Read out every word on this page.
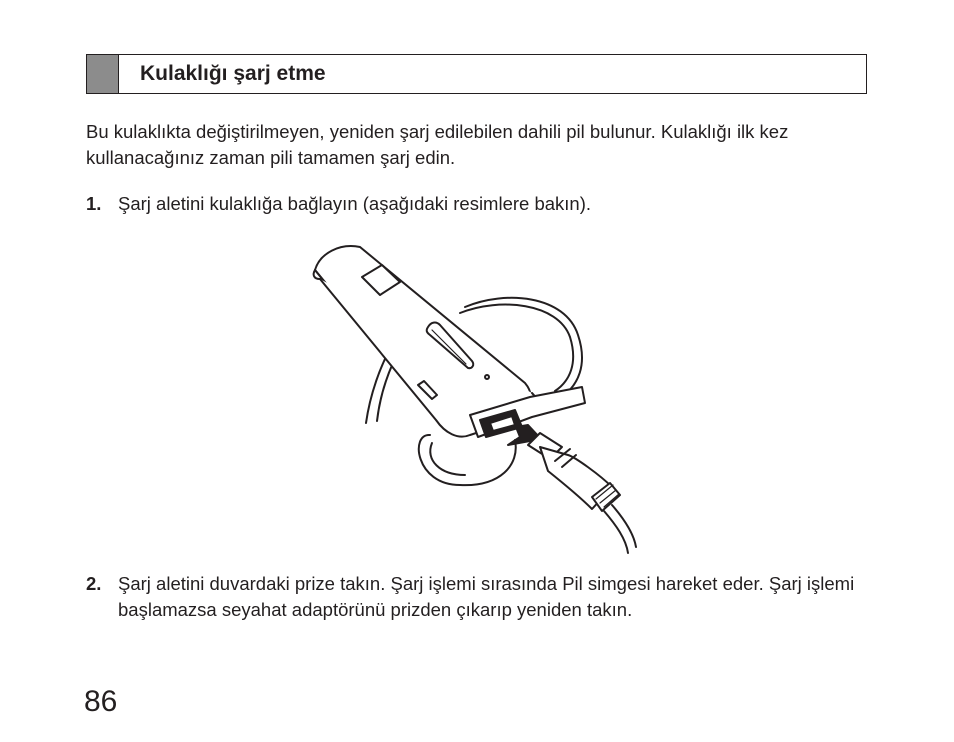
Kulaklığı şarj etme

Bu kulaklıkta değiştirilmeyen, yeniden şarj edilebilen dahili pil bulunur. Kulaklığı ilk kez kullanacağınız zaman pili tamamen şarj edin.

1. Şarj aletini kulaklığa bağlayın (aşağıdaki resimlere bakın).
2. Şarj aletini duvardaki prize takın. Şarj işlemi sırasında Pil simgesi hareket eder. Şarj işlemi başlamazsa seyahat adaptörünü prizden çıkarıp yeniden takın.
86
